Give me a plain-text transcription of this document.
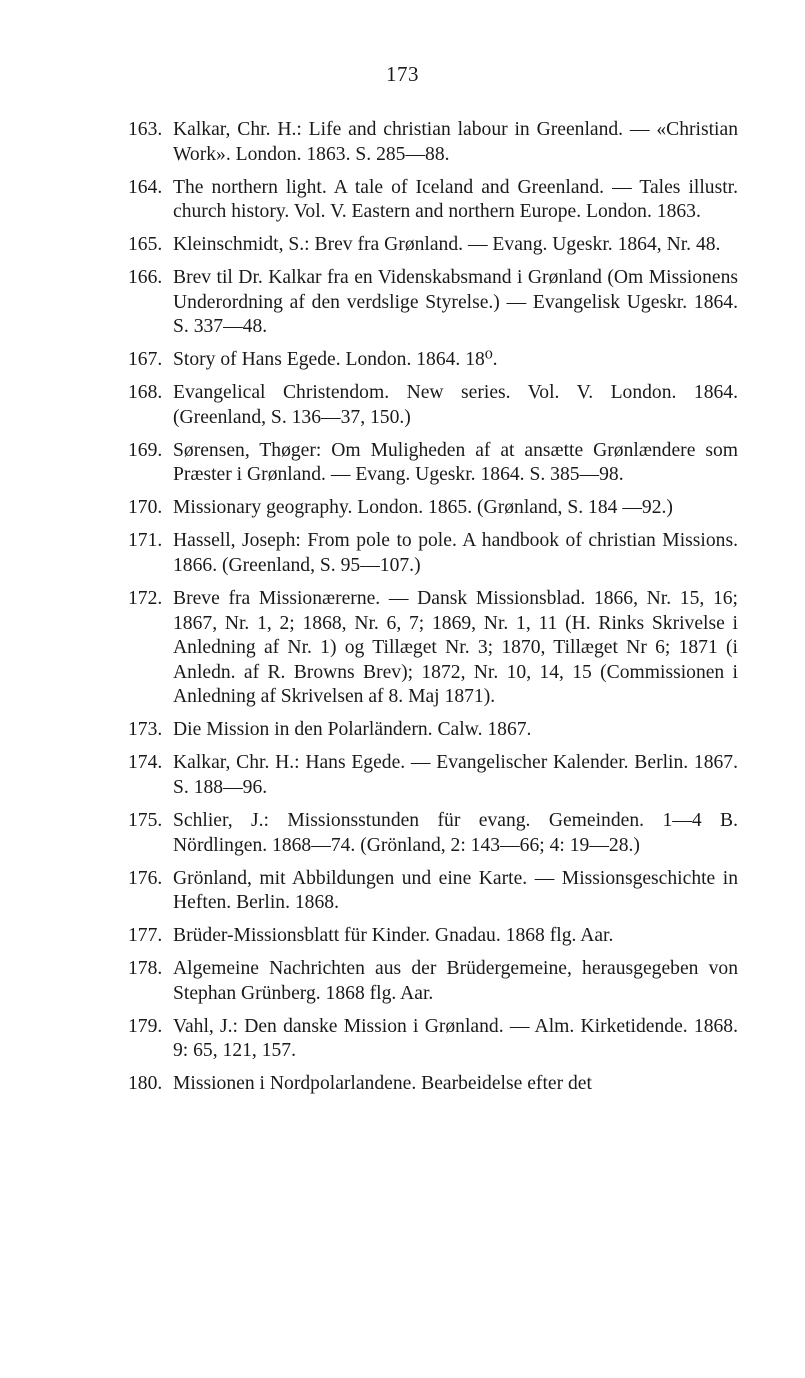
173
163. Kalkar, Chr. H.: Life and christian labour in Greenland. — «Christian Work». London. 1863. S. 285—88.
164. The northern light. A tale of Iceland and Greenland. — Tales illustr. church history. Vol. V. Eastern and northern Europe. London. 1863.
165. Kleinschmidt, S.: Brev fra Grønland. — Evang. Ugeskr. 1864, Nr. 48.
166. Brev til Dr. Kalkar fra en Videnskabsmand i Grønland (Om Missionens Underordning af den verdslige Styrelse.) — Evangelisk Ugeskr. 1864. S. 337—48.
167. Story of Hans Egede. London. 1864. 18⁰.
168. Evangelical Christendom. New series. Vol. V. London. 1864. (Greenland, S. 136—37, 150.)
169. Sørensen, Thøger: Om Muligheden af at ansætte Grønlændere som Præster i Grønland. — Evang. Ugeskr. 1864. S. 385—98.
170. Missionary geography. London. 1865. (Grønland, S. 184 —92.)
171. Hassell, Joseph: From pole to pole. A handbook of christian Missions. 1866. (Greenland, S. 95—107.)
172. Breve fra Missionærerne. — Dansk Missionsblad. 1866, Nr. 15, 16; 1867, Nr. 1, 2; 1868, Nr. 6, 7; 1869, Nr. 1, 11 (H. Rinks Skrivelse i Anledning af Nr. 1) og Tillæget Nr. 3; 1870, Tillæget Nr 6; 1871 (i Anledn. af R. Browns Brev); 1872, Nr. 10, 14, 15 (Commissionen i Anledning af Skrivelsen af 8. Maj 1871).
173. Die Mission in den Polarländern. Calw. 1867.
174. Kalkar, Chr. H.: Hans Egede. — Evangelischer Kalender. Berlin. 1867. S. 188—96.
175. Schlier, J.: Missionsstunden für evang. Gemeinden. 1—4 B. Nördlingen. 1868—74. (Grönland, 2: 143—66; 4: 19—28.)
176. Grönland, mit Abbildungen und eine Karte. — Missionsgeschichte in Heften. Berlin. 1868.
177. Brüder-Missionsblatt für Kinder. Gnadau. 1868 flg. Aar.
178. Algemeine Nachrichten aus der Brüdergemeine, herausgegeben von Stephan Grünberg. 1868 flg. Aar.
179. Vahl, J.: Den danske Mission i Grønland. — Alm. Kirketidende. 1868. 9: 65, 121, 157.
180. Missionen i Nordpolarlandene. Bearbeidelse efter det
